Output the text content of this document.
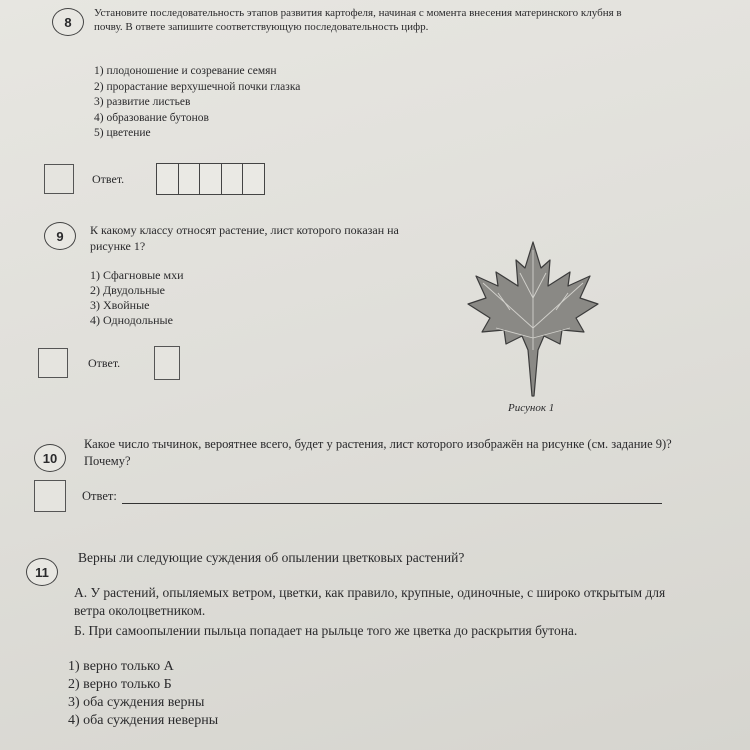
8
Установите последовательность этапов развития картофеля, начиная с момента внесения материнского клубня в почву. В ответе запишите соответствующую последовательность цифр.
1) плодоношение и созревание семян
2) прорастание верхушечной почки глазка
3) развитие листьев
4) образование бутонов
5) цветение
Ответ.
9	К какому классу относят растение, лист которого показан на рисунке 1?
1) Сфагновые мхи
2) Двудольные
3) Хвойные
4) Однодольные
Ответ.
Рисунок 1
10
Какое число тычинок, вероятнее всего, будет у растения, лист которого изображён на рисунке (см. задание 9)? Почему?
Ответ:
11
Верны ли следующие суждения об опылении цветковых растений?
А. У растений, опыляемых ветром, цветки, как правило, крупные, одиночные, с широко открытым для ветра околоцветником.
Б. При самоопылении пыльца попадает на рыльце того же цветка до раскрытия бутона.
1) верно только А
2) верно только Б
3) оба суждения верны
4) оба суждения неверны
